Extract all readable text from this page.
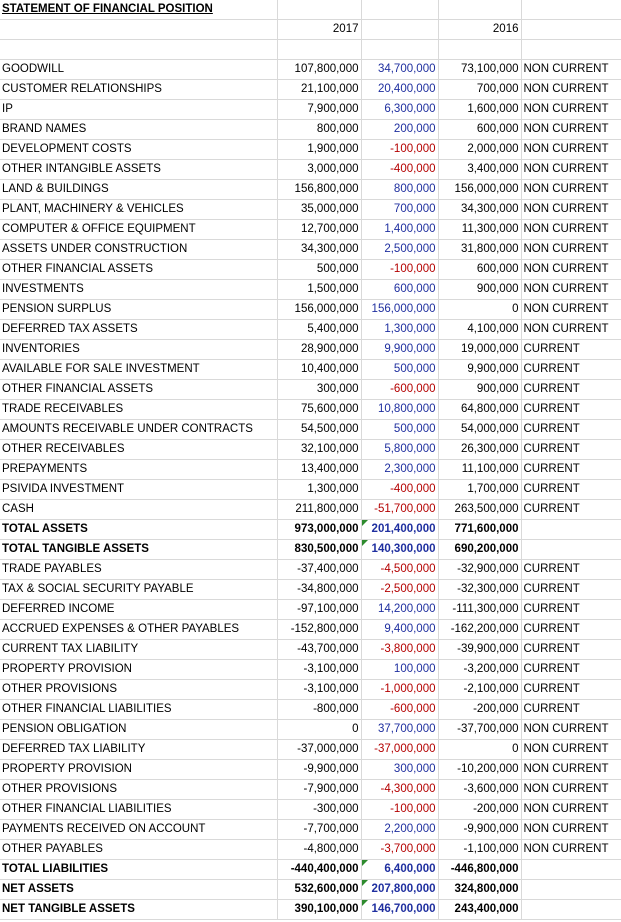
STATEMENT OF FINANCIAL POSITION				
	2017		2016	

GOODWILL	107,800,000	34,700,000	73,100,000	NON CURRENT
CUSTOMER RELATIONSHIPS	21,100,000	20,400,000	700,000	NON CURRENT
IP	7,900,000	6,300,000	1,600,000	NON CURRENT
BRAND NAMES	800,000	200,000	600,000	NON CURRENT
DEVELOPMENT COSTS	1,900,000	-100,000	2,000,000	NON CURRENT
OTHER INTANGIBLE ASSETS	3,000,000	-400,000	3,400,000	NON CURRENT
LAND & BUILDINGS	156,800,000	800,000	156,000,000	NON CURRENT
PLANT, MACHINERY & VEHICLES	35,000,000	700,000	34,300,000	NON CURRENT
COMPUTER & OFFICE EQUIPMENT	12,700,000	1,400,000	11,300,000	NON CURRENT
ASSETS UNDER CONSTRUCTION	34,300,000	2,500,000	31,800,000	NON CURRENT
OTHER FINANCIAL ASSETS	500,000	-100,000	600,000	NON CURRENT
INVESTMENTS	1,500,000	600,000	900,000	NON CURRENT
PENSION SURPLUS	156,000,000	156,000,000	0	NON CURRENT
DEFERRED TAX ASSETS	5,400,000	1,300,000	4,100,000	NON CURRENT
INVENTORIES	28,900,000	9,900,000	19,000,000	CURRENT
AVAILABLE FOR SALE INVESTMENT	10,400,000	500,000	9,900,000	CURRENT
OTHER FINANCIAL ASSETS	300,000	-600,000	900,000	CURRENT
TRADE RECEIVABLES	75,600,000	10,800,000	64,800,000	CURRENT
AMOUNTS RECEIVABLE UNDER CONTRACTS	54,500,000	500,000	54,000,000	CURRENT
OTHER RECEIVABLES	32,100,000	5,800,000	26,300,000	CURRENT
PREPAYMENTS	13,400,000	2,300,000	11,100,000	CURRENT
PSIVIDA INVESTMENT	1,300,000	-400,000	1,700,000	CURRENT
CASH	211,800,000	-51,700,000	263,500,000	CURRENT
TOTAL ASSETS	973,000,000	201,400,000	771,600,000	
TOTAL TANGIBLE ASSETS	830,500,000	140,300,000	690,200,000	
TRADE PAYABLES	-37,400,000	-4,500,000	-32,900,000	CURRENT
TAX & SOCIAL SECURITY PAYABLE	-34,800,000	-2,500,000	-32,300,000	CURRENT
DEFERRED INCOME	-97,100,000	14,200,000	-111,300,000	CURRENT
ACCRUED EXPENSES & OTHER PAYABLES	-152,800,000	9,400,000	-162,200,000	CURRENT
CURRENT TAX LIABILITY	-43,700,000	-3,800,000	-39,900,000	CURRENT
PROPERTY PROVISION	-3,100,000	100,000	-3,200,000	CURRENT
OTHER PROVISIONS	-3,100,000	-1,000,000	-2,100,000	CURRENT
OTHER FINANCIAL LIABILITIES	-800,000	-600,000	-200,000	CURRENT
PENSION OBLIGATION	0	37,700,000	-37,700,000	NON CURRENT
DEFERRED TAX LIABILITY	-37,000,000	-37,000,000	0	NON CURRENT
PROPERTY PROVISION	-9,900,000	300,000	-10,200,000	NON CURRENT
OTHER PROVISIONS	-7,900,000	-4,300,000	-3,600,000	NON CURRENT
OTHER FINANCIAL LIABILITIES	-300,000	-100,000	-200,000	NON CURRENT
PAYMENTS RECEIVED ON ACCOUNT	-7,700,000	2,200,000	-9,900,000	NON CURRENT
OTHER PAYABLES	-4,800,000	-3,700,000	-1,100,000	NON CURRENT
TOTAL LIABILITIES	-440,400,000	6,400,000	-446,800,000	
NET ASSETS	532,600,000	207,800,000	324,800,000	
NET TANGIBLE ASSETS	390,100,000	146,700,000	243,400,000	
